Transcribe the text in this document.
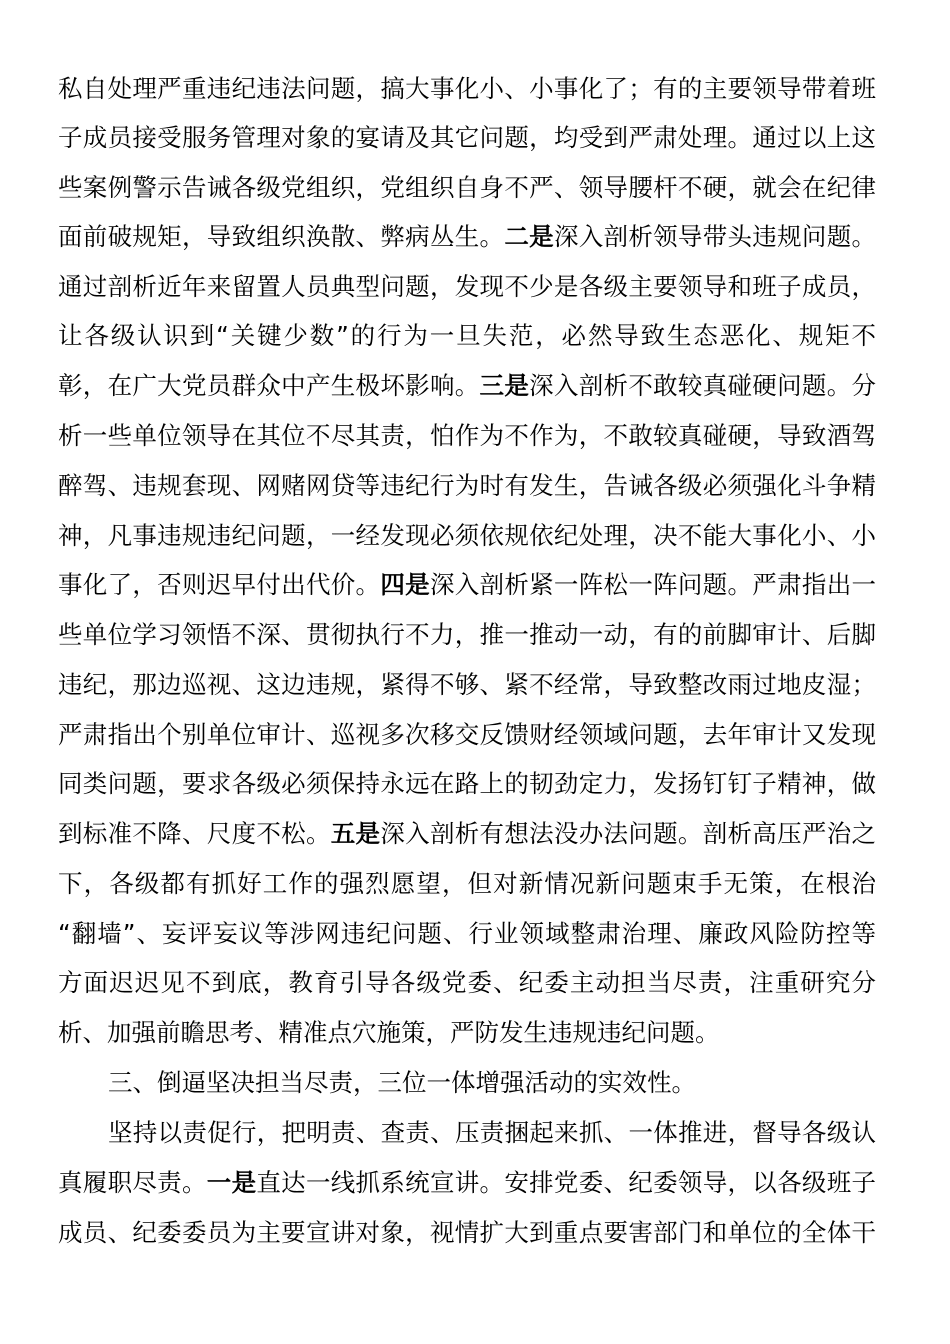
私自处理严重违纪违法问题，搞大事化小、小事化了；有的主要领导带着班
子成员接受服务管理对象的宴请及其它问题，均受到严肃处理。通过以上这
些案例警示告诫各级党组织，党组织自身不严、领导腰杆不硬，就会在纪律
面前破规矩，导致组织涣散、弊病丛生。二是深入剖析领导带头违规问题。
通过剖析近年来留置人员典型问题，发现不少是各级主要领导和班子成员，
让各级认识到“关键少数”的行为一旦失范，必然导致生态恶化、规矩不
彰，在广大党员群众中产生极坏影响。三是深入剖析不敢较真碰硬问题。分
析一些单位领导在其位不尽其责，怕作为不作为，不敢较真碰硬，导致酒驾
醉驾、违规套现、网赌网贷等违纪行为时有发生，告诫各级必须强化斗争精
神，凡事违规违纪问题，一经发现必须依规依纪处理，决不能大事化小、小
事化了，否则迟早付出代价。四是深入剖析紧一阵松一阵问题。严肃指出一
些单位学习领悟不深、贯彻执行不力，推一推动一动，有的前脚审计、后脚
违纪，那边巡视、这边违规，紧得不够、紧不经常，导致整改雨过地皮湿；
严肃指出个别单位审计、巡视多次移交反馈财经领域问题，去年审计又发现
同类问题，要求各级必须保持永远在路上的韧劲定力，发扬钉钉子精神，做
到标准不降、尺度不松。五是深入剖析有想法没办法问题。剖析高压严治之
下，各级都有抓好工作的强烈愿望，但对新情况新问题束手无策，在根治
“翻墙”、妄评妄议等涉网违纪问题、行业领域整肃治理、廉政风险防控等
方面迟迟见不到底，教育引导各级党委、纪委主动担当尽责，注重研究分
析、加强前瞻思考、精准点穴施策，严防发生违规违纪问题。
三、倒逼坚决担当尽责，三位一体增强活动的实效性。
坚持以责促行，把明责、查责、压责捆起来抓、一体推进，督导各级认
真履职尽责。一是直达一线抓系统宣讲。安排党委、纪委领导，以各级班子
成员、纪委委员为主要宣讲对象，视情扩大到重点要害部门和单位的全体干
